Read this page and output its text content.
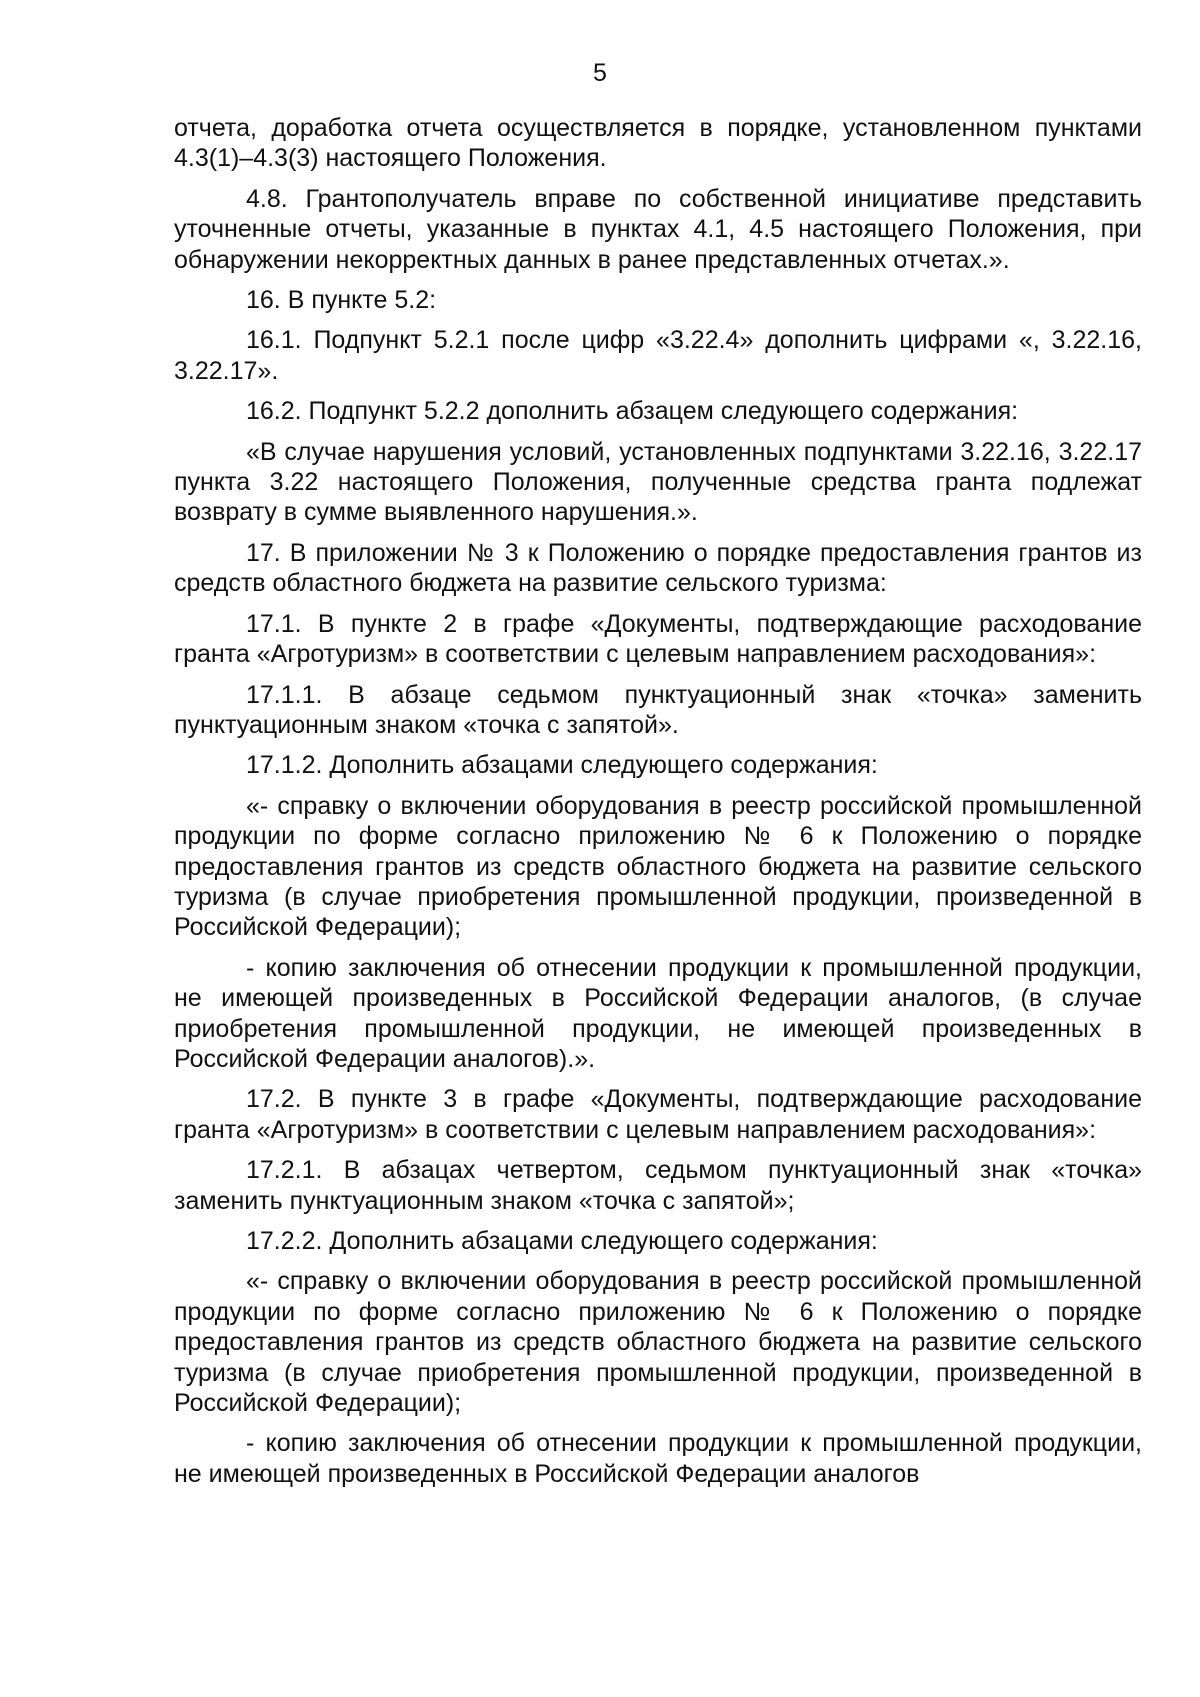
5

отчета, доработка отчета осуществляется в порядке, установленном пунктами 4.3(1)–4.3(3) настоящего Положения.

4.8. Грантополучатель вправе по собственной инициативе представить уточненные отчеты, указанные в пунктах 4.1, 4.5 настоящего Положения, при обнаружении некорректных данных в ранее представленных отчетах.».

16. В пункте 5.2:

16.1. Подпункт 5.2.1 после цифр «3.22.4» дополнить цифрами «, 3.22.16, 3.22.17».

16.2. Подпункт 5.2.2 дополнить абзацем следующего содержания:

«В случае нарушения условий, установленных подпунктами 3.22.16, 3.22.17 пункта 3.22 настоящего Положения, полученные средства гранта подлежат возврату в сумме выявленного нарушения.».

17. В приложении № 3 к Положению о порядке предоставления грантов из средств областного бюджета на развитие сельского туризма:

17.1. В пункте 2 в графе «Документы, подтверждающие расходование гранта «Агротуризм» в соответствии с целевым направлением расходования»:

17.1.1. В абзаце седьмом пунктуационный знак «точка» заменить пунктуационным знаком «точка с запятой».

17.1.2. Дополнить абзацами следующего содержания:

«- справку о включении оборудования в реестр российской промышленной продукции по форме согласно приложению № 6 к Положению о порядке предоставления грантов из средств областного бюджета на развитие сельского туризма (в случае приобретения промышленной продукции, произведенной в Российской Федерации);

- копию заключения об отнесении продукции к промышленной продукции, не имеющей произведенных в Российской Федерации аналогов, (в случае приобретения промышленной продукции, не имеющей произведенных в Российской Федерации аналогов).».

17.2. В пункте 3 в графе «Документы, подтверждающие расходование гранта «Агротуризм» в соответствии с целевым направлением расходования»:

17.2.1. В абзацах четвертом, седьмом пунктуационный знак «точка» заменить пунктуационным знаком «точка с запятой»;

17.2.2. Дополнить абзацами следующего содержания:

«- справку о включении оборудования в реестр российской промышленной продукции по форме согласно приложению № 6 к Положению о порядке предоставления грантов из средств областного бюджета на развитие сельского туризма (в случае приобретения промышленной продукции, произведенной в Российской Федерации);

- копию заключения об отнесении продукции к промышленной продукции, не имеющей произведенных в Российской Федерации аналогов
